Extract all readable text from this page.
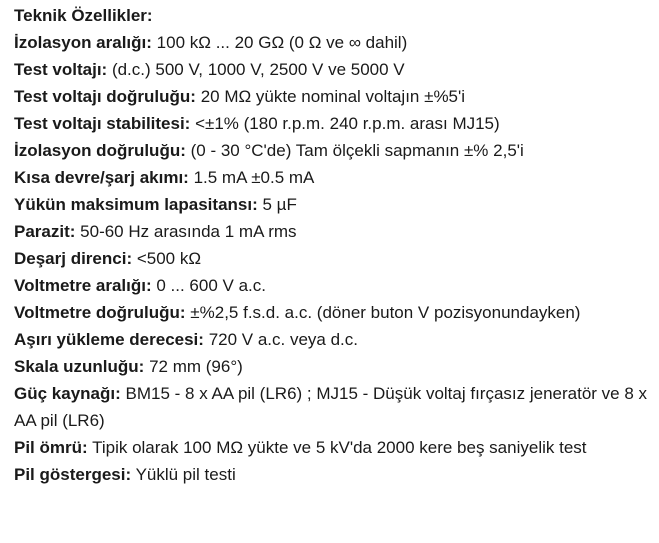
Teknik Özellikler:

İzolasyon aralığı: 100 kΩ ... 20 GΩ (0 Ω ve ∞ dahil)

Test voltajı: (d.c.) 500 V, 1000 V, 2500 V ve 5000 V

Test voltajı doğruluğu: 20 MΩ yükte nominal voltajın ±%5'i

Test voltajı stabilitesi: <±1% (180 r.p.m. 240 r.p.m. arası MJ15)

İzolasyon doğruluğu: (0 - 30 °C'de) Tam ölçekli sapmanın ±% 2,5'i

Kısa devre/şarj akımı: 1.5 mA ±0.5 mA

Yükün maksimum lapasitansı: 5 µF

Parazit: 50-60 Hz arasında 1 mA rms

Deşarj direnci: <500 kΩ

Voltmetre aralığı: 0 ... 600 V a.c.

Voltmetre doğruluğu: ±%2,5 f.s.d. a.c. (döner buton V pozisyonundayken)

Aşırı yükleme derecesi: 720 V a.c. veya d.c.

Skala uzunluğu: 72 mm (96°)

Güç kaynağı: BM15 - 8 x AA pil (LR6) ; MJ15 - Düşük voltaj fırçasız jeneratör ve 8 x AA pil (LR6)

Pil ömrü: Tipik olarak 100 MΩ yükte ve 5 kV'da 2000 kere beş saniyelik test

Pil göstergesi: Yüklü pil testi
